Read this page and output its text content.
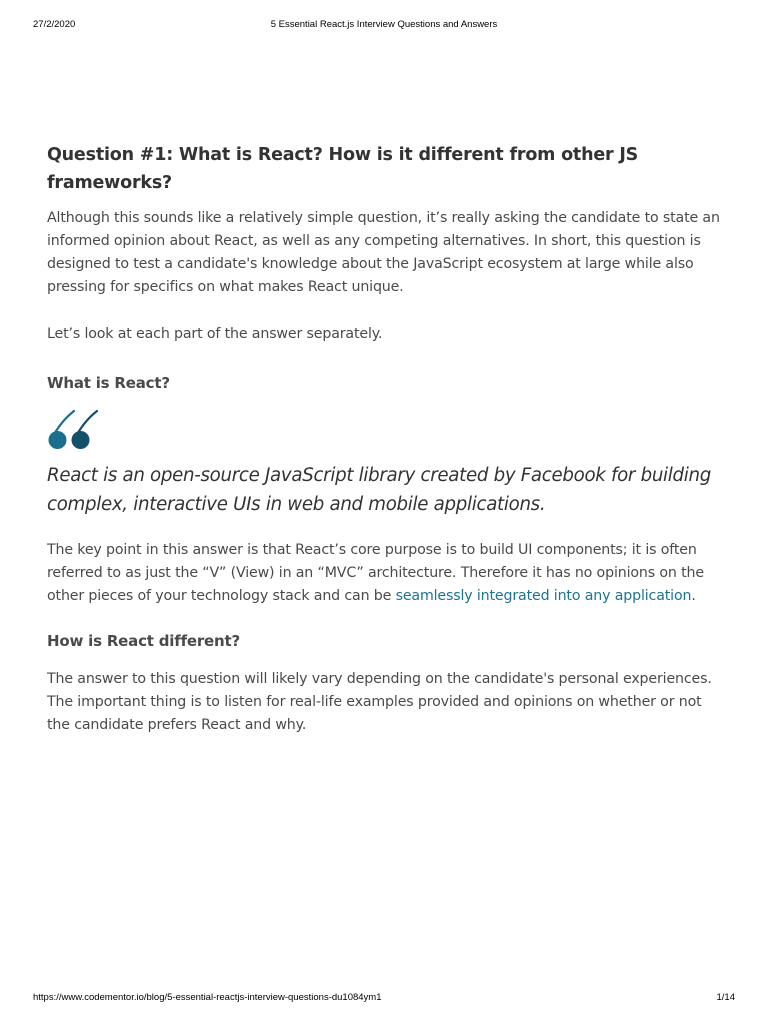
27/2/2020	5 Essential React.js Interview Questions and Answers
Question #1: What is React? How is it different from other JS frameworks?

Although this sounds like a relatively simple question, it’s really asking the candidate to state an informed opinion about React, as well as any competing alternatives. In short, this question is designed to test a candidate's knowledge about the JavaScript ecosystem at large while also pressing for specifics on what makes React unique.

Let’s look at each part of the answer separately.

What is React?
React is an open-source JavaScript library created by Facebook for building complex, interactive UIs in web and mobile applications.

The key point in this answer is that React’s core purpose is to build UI components; it is often referred to as just the “V” (View) in an “MVC” architecture. Therefore it has no opinions on the other pieces of your technology stack and can be seamlessly integrated into any application.

How is React different?

The answer to this question will likely vary depending on the candidate's personal experiences. The important thing is to listen for real-life examples provided and opinions on whether or not the candidate prefers React and why.

https://www.codementor.io/blog/5-essential-reactjs-interview-questions-du1084ym1	1/14
